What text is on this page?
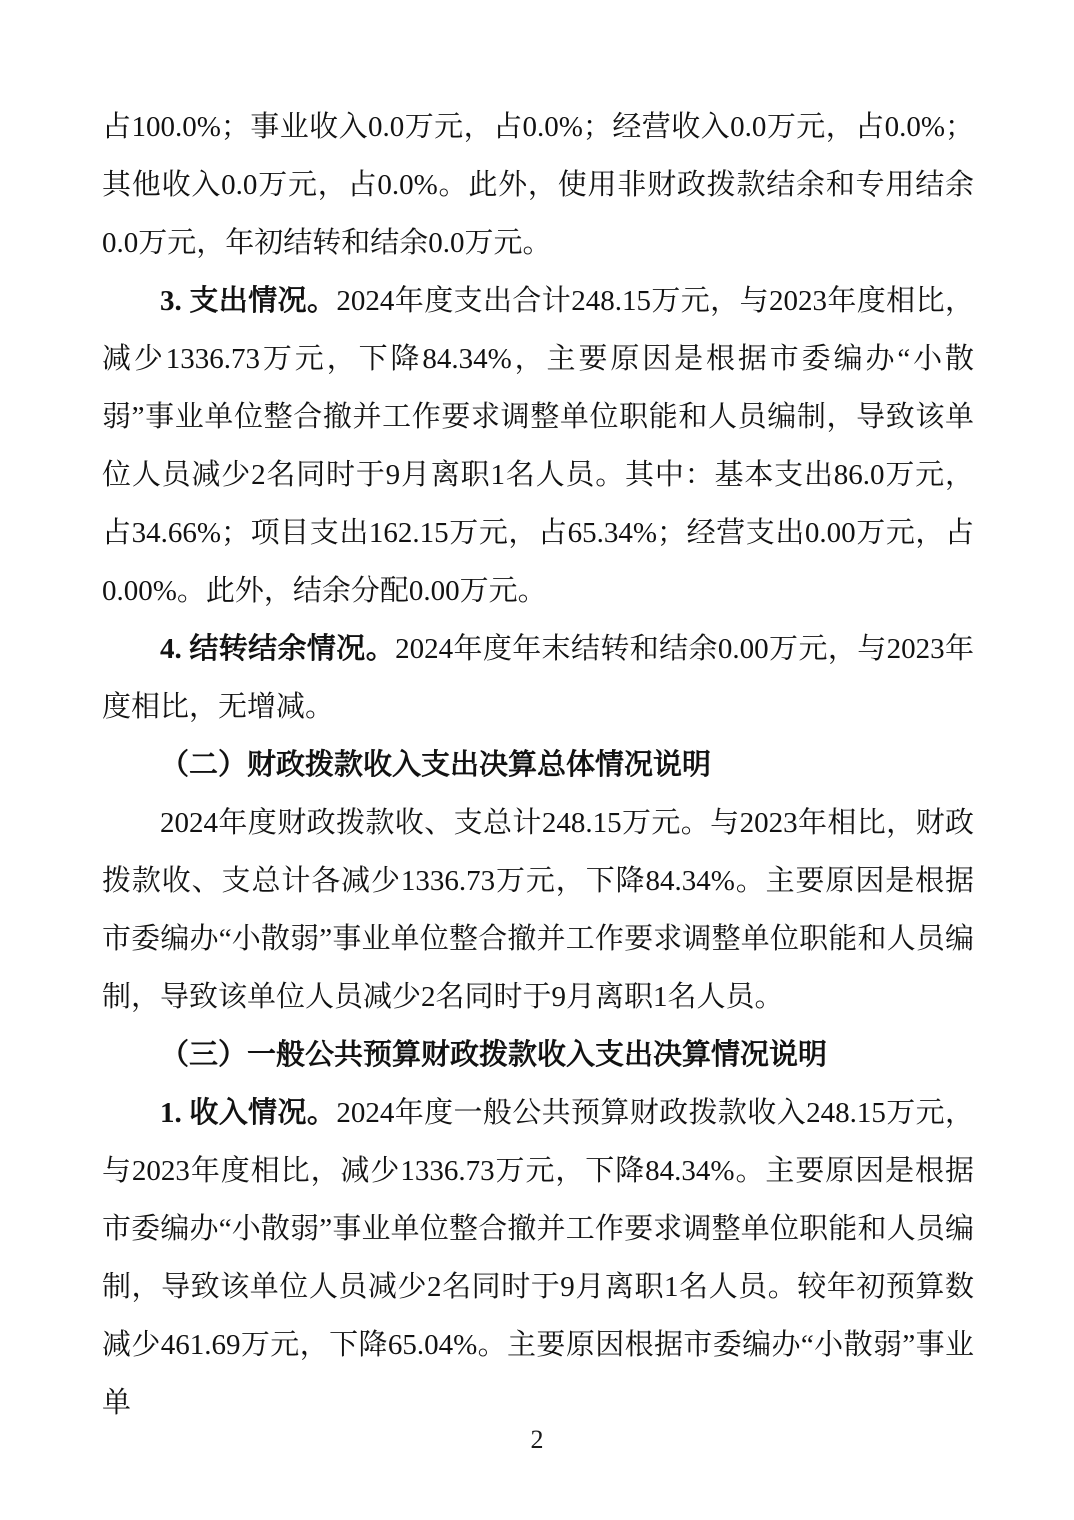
占100.0%；事业收入0.0万元，占0.0%；经营收入0.0万元，占0.0%；其他收入0.0万元，占0.0%。此外，使用非财政拨款结余和专用结余0.0万元，年初结转和结余0.0万元。

3. 支出情况。2024年度支出合计248.15万元，与2023年度相比，减少1336.73万元，下降84.34%，主要原因是根据市委编办“小散弱”事业单位整合撤并工作要求调整单位职能和人员编制，导致该单位人员减少2名同时于9月离职1名人员。其中：基本支出86.0万元，占34.66%；项目支出162.15万元，占65.34%；经营支出0.00万元，占0.00%。此外，结余分配0.00万元。

4. 结转结余情况。2024年度年末结转和结余0.00万元，与2023年度相比，无增减。

（二）财政拨款收入支出决算总体情况说明

2024年度财政拨款收、支总计248.15万元。与2023年相比，财政拨款收、支总计各减少1336.73万元，下降84.34%。主要原因是根据市委编办“小散弱”事业单位整合撤并工作要求调整单位职能和人员编制，导致该单位人员减少2名同时于9月离职1名人员。

（三）一般公共预算财政拨款收入支出决算情况说明

1. 收入情况。2024年度一般公共预算财政拨款收入248.15万元，与2023年度相比，减少1336.73万元，下降84.34%。主要原因是根据市委编办“小散弱”事业单位整合撤并工作要求调整单位职能和人员编制，导致该单位人员减少2名同时于9月离职1名人员。较年初预算数减少461.69万元，下降65.04%。主要原因根据市委编办“小散弱”事业单

2
